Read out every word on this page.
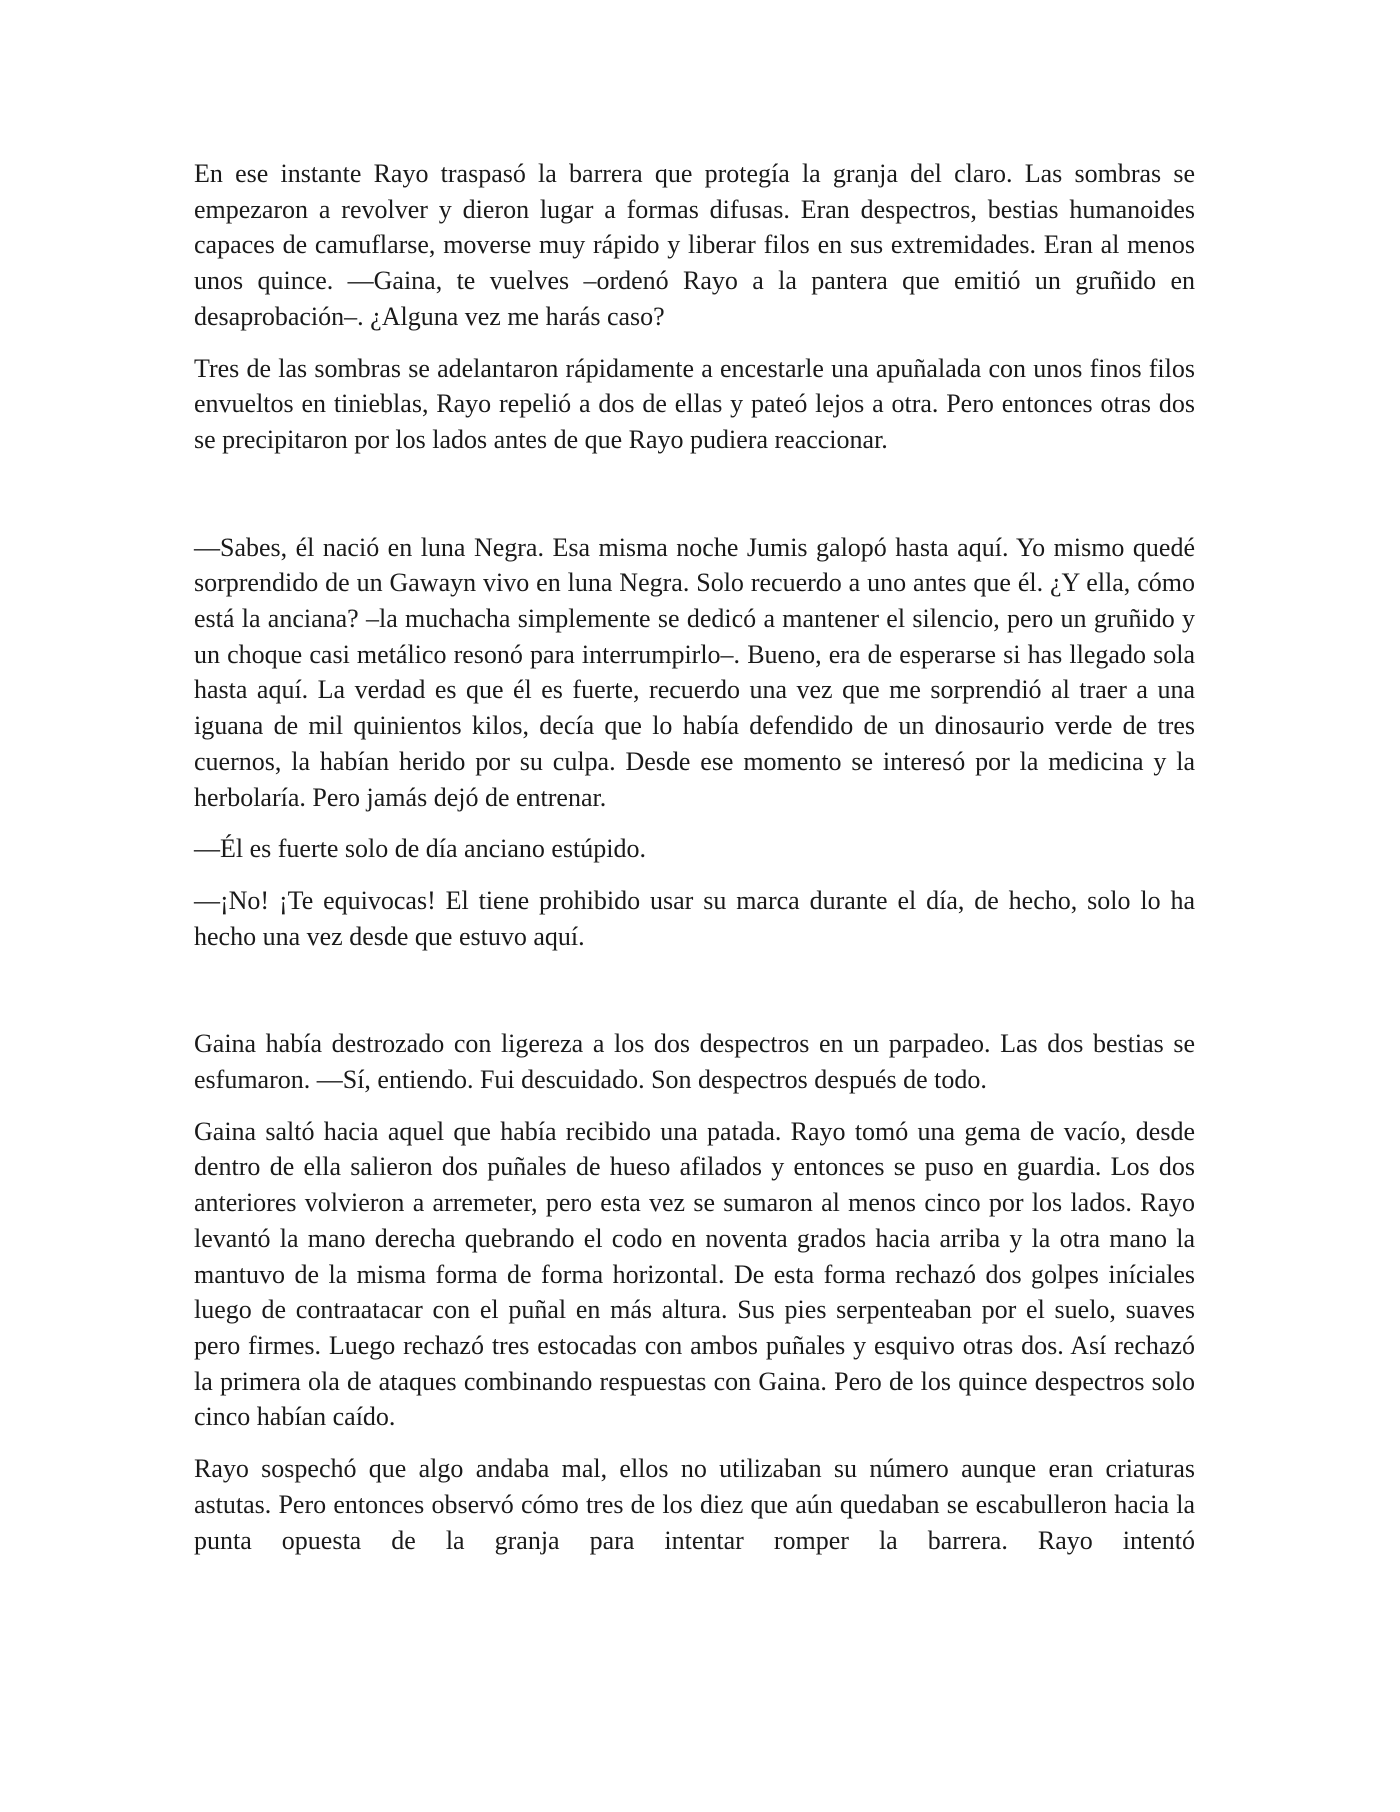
En ese instante Rayo traspasó la barrera que protegía la granja del claro. Las sombras se empezaron a revolver y dieron lugar a formas difusas. Eran despectros, bestias humanoides capaces de camuflarse, moverse muy rápido y liberar filos en sus extremidades. Eran al menos unos quince. —Gaina, te vuelves –ordenó Rayo a la pantera que emitió un gruñido en desaprobación–. ¿Alguna vez me harás caso?

Tres de las sombras se adelantaron rápidamente a encestarle una apuñalada con unos finos filos envueltos en tinieblas, Rayo repelió a dos de ellas y pateó lejos a otra. Pero entonces otras dos se precipitaron por los lados antes de que Rayo pudiera reaccionar.

—Sabes, él nació en luna Negra. Esa misma noche Jumis galopó hasta aquí. Yo mismo quedé sorprendido de un Gawayn vivo en luna Negra. Solo recuerdo a uno antes que él. ¿Y ella, cómo está la anciana? –la muchacha simplemente se dedicó a mantener el silencio, pero un gruñido y un choque casi metálico resonó para interrumpirlo–. Bueno, era de esperarse si has llegado sola hasta aquí. La verdad es que él es fuerte, recuerdo una vez que me sorprendió al traer a una iguana de mil quinientos kilos, decía que lo había defendido de un dinosaurio verde de tres cuernos, la habían herido por su culpa. Desde ese momento se interesó por la medicina y la herbolaría. Pero jamás dejó de entrenar.

—Él es fuerte solo de día anciano estúpido.

—¡No! ¡Te equivocas! El tiene prohibido usar su marca durante el día, de hecho, solo lo ha hecho una vez desde que estuvo aquí.

Gaina había destrozado con ligereza a los dos despectros en un parpadeo. Las dos bestias se esfumaron. —Sí, entiendo. Fui descuidado. Son despectros después de todo.

Gaina saltó hacia aquel que había recibido una patada. Rayo tomó una gema de vacío, desde dentro de ella salieron dos puñales de hueso afilados y entonces se puso en guardia. Los dos anteriores volvieron a arremeter, pero esta vez se sumaron al menos cinco por los lados. Rayo levantó la mano derecha quebrando el codo en noventa grados hacia arriba y la otra mano la mantuvo de la misma forma de forma horizontal. De esta forma rechazó dos golpes iníciales luego de contraatacar con el puñal en más altura. Sus pies serpenteaban por el suelo, suaves pero firmes. Luego rechazó tres estocadas con ambos puñales y esquivo otras dos. Así rechazó la primera ola de ataques combinando respuestas con Gaina. Pero de los quince despectros solo cinco habían caído.

Rayo sospechó que algo andaba mal, ellos no utilizaban su número aunque eran criaturas astutas. Pero entonces observó cómo tres de los diez que aún quedaban se escabulleron hacia la punta opuesta de la granja para intentar romper la barrera. Rayo intentó
